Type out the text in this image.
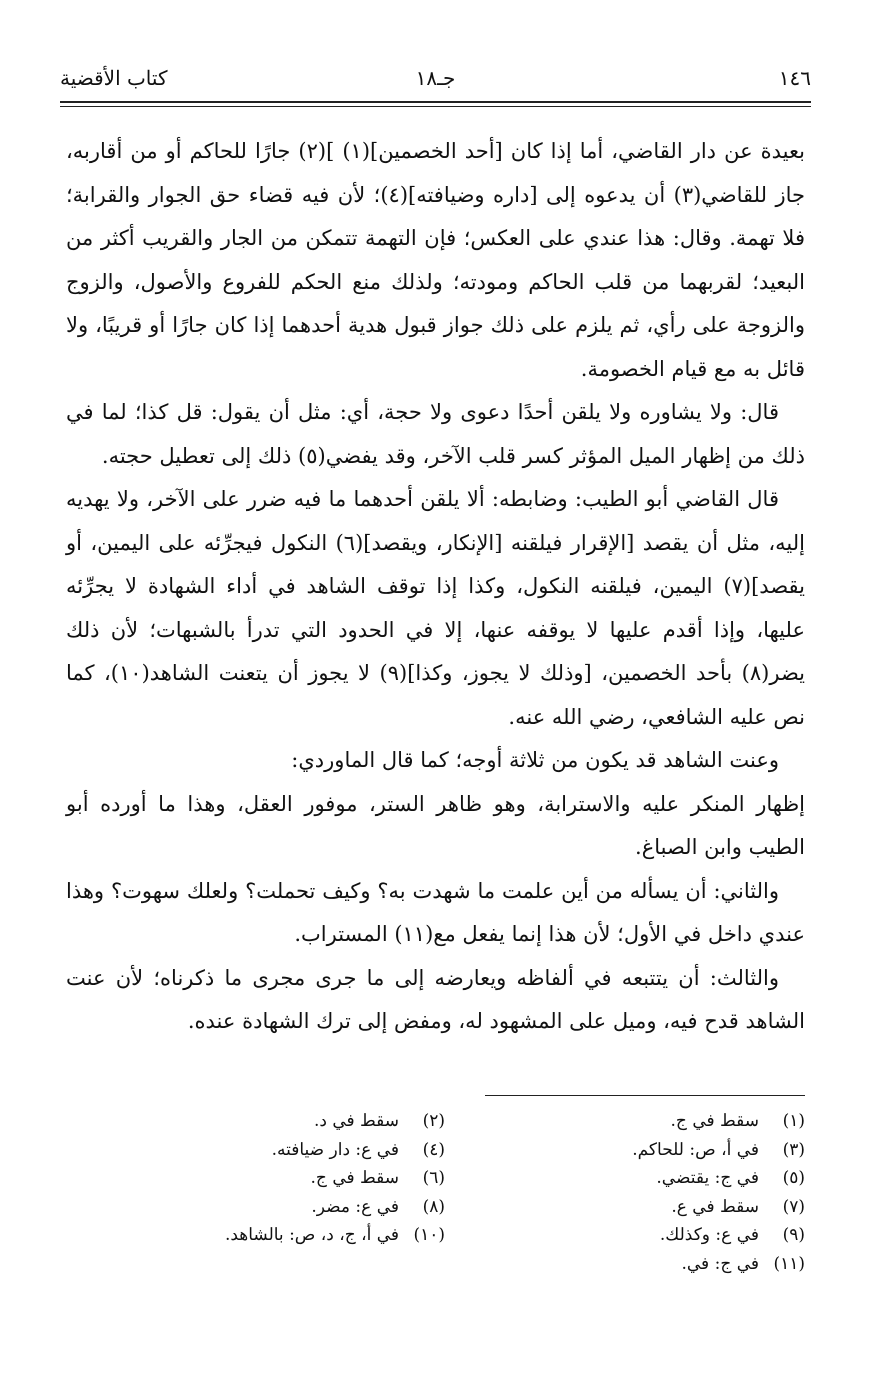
١٤٦
جـ١٨
كتاب الأقضية

بعيدة عن دار القاضي، أما إذا كان [أحد الخصمين](١) ](٢) جارًا للحاكم أو من أقاربه، جاز للقاضي(٣) أن يدعوه إلى [داره وضيافته](٤)؛ لأن فيه قضاء حق الجوار والقرابة؛ فلا تهمة. وقال: هذا عندي على العكس؛ فإن التهمة تتمكن من الجار والقريب أكثر من البعيد؛ لقربهما من قلب الحاكم ومودته؛ ولذلك منع الحكم للفروع والأصول، والزوج والزوجة على رأي، ثم يلزم على ذلك جواز قبول هدية أحدهما إذا كان جارًا أو قريبًا، ولا قائل به مع قيام الخصومة.

قال: ولا يشاوره ولا يلقن أحدًا دعوى ولا حجة، أي: مثل أن يقول: قل كذا؛ لما في ذلك من إظهار الميل المؤثر كسر قلب الآخر، وقد يفضي(٥) ذلك إلى تعطيل حجته.

قال القاضي أبو الطيب: وضابطه: ألا يلقن أحدهما ما فيه ضرر على الآخر، ولا يهديه إليه، مثل أن يقصد [الإقرار فيلقنه [الإنكار، ويقصد](٦) النكول فيجرِّئه على اليمين، أو يقصد](٧) اليمين، فيلقنه النكول، وكذا إذا توقف الشاهد في أداء الشهادة لا يجرِّئه عليها، وإذا أقدم عليها لا يوقفه عنها، إلا في الحدود التي تدرأ بالشبهات؛ لأن ذلك يضر(٨) بأحد الخصمين، [وذلك لا يجوز، وكذا](٩) لا يجوز أن يتعنت الشاهد(١٠)، كما نص عليه الشافعي، رضي الله عنه.

وعنت الشاهد قد يكون من ثلاثة أوجه؛ كما قال الماوردي:

إظهار المنكر عليه والاسترابة، وهو ظاهر الستر، موفور العقل، وهذا ما أورده أبو الطيب وابن الصباغ.

والثاني: أن يسأله من أين علمت ما شهدت به؟ وكيف تحملت؟ ولعلك سهوت؟ وهذا عندي داخل في الأول؛ لأن هذا إنما يفعل مع(١١) المستراب.

والثالث: أن يتتبعه في ألفاظه ويعارضه إلى ما جرى مجرى ما ذكرناه؛ لأن عنت الشاهد قدح فيه، وميل على المشهود له، ومفض إلى ترك الشهادة عنده.

(١)سقط في ج.
(٣)في أ، ص: للحاكم.
(٥)في ج: يقتضي.
(٧)سقط في ع.
(٩)في ع: وكذلك.
(١١)في ج: في.
(٢)سقط في د.
(٤)في ع: دار ضيافته.
(٦)سقط في ج.
(٨)في ع: مضر.
(١٠)في أ، ج، د، ص: بالشاهد.
